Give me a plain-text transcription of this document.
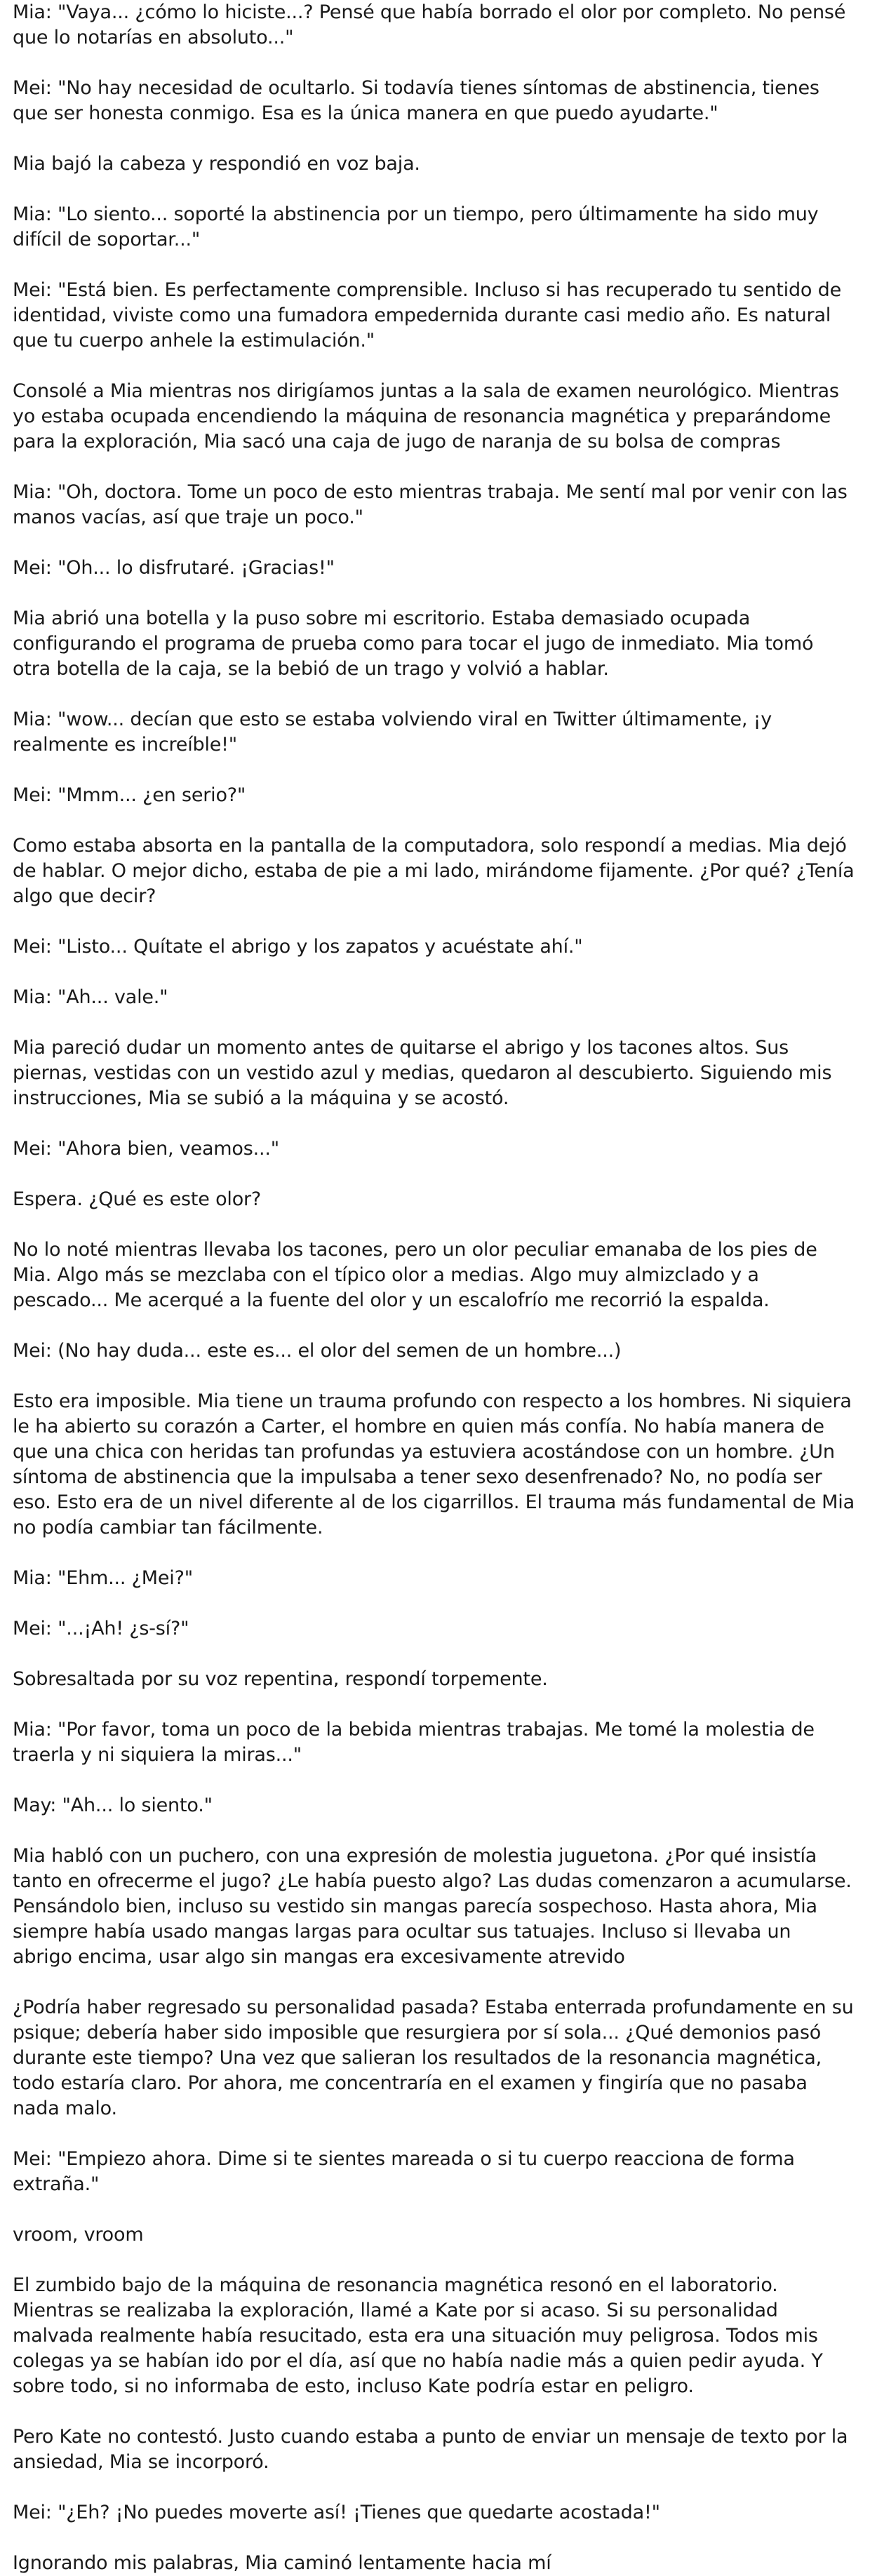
Mia: "Vaya... ¿cómo lo hiciste...? Pensé que había borrado el olor por completo. No pensé que lo notarías en absoluto..."

Mei: "No hay necesidad de ocultarlo. Si todavía tienes síntomas de abstinencia, tienes que ser honesta conmigo. Esa es la única manera en que puedo ayudarte."

Mia bajó la cabeza y respondió en voz baja.

Mia: "Lo siento... soporté la abstinencia por un tiempo, pero últimamente ha sido muy difícil de soportar..."

Mei: "Está bien. Es perfectamente comprensible. Incluso si has recuperado tu sentido de identidad, viviste como una fumadora empedernida durante casi medio año. Es natural que tu cuerpo anhele la estimulación."

Consolé a Mia mientras nos dirigíamos juntas a la sala de examen neurológico. Mientras yo estaba ocupada encendiendo la máquina de resonancia magnética y preparándome para la exploración, Mia sacó una caja de jugo de naranja de su bolsa de compras

Mia: "Oh, doctora. Tome un poco de esto mientras trabaja. Me sentí mal por venir con las manos vacías, así que traje un poco."

Mei: "Oh... lo disfrutaré. ¡Gracias!"

Mia abrió una botella y la puso sobre mi escritorio. Estaba demasiado ocupada configurando el programa de prueba como para tocar el jugo de inmediato. Mia tomó otra botella de la caja, se la bebió de un trago y volvió a hablar.

Mia: "wow... decían que esto se estaba volviendo viral en Twitter últimamente, ¡y realmente es increíble!"

Mei: "Mmm... ¿en serio?"

Como estaba absorta en la pantalla de la computadora, solo respondí a medias. Mia dejó de hablar. O mejor dicho, estaba de pie a mi lado, mirándome fijamente. ¿Por qué? ¿Tenía algo que decir?

Mei: "Listo... Quítate el abrigo y los zapatos y acuéstate ahí."

Mia: "Ah... vale."

Mia pareció dudar un momento antes de quitarse el abrigo y los tacones altos. Sus piernas, vestidas con un vestido azul y medias, quedaron al descubierto. Siguiendo mis instrucciones, Mia se subió a la máquina y se acostó.

Mei: "Ahora bien, veamos..."

Espera. ¿Qué es este olor?

No lo noté mientras llevaba los tacones, pero un olor peculiar emanaba de los pies de Mia. Algo más se mezclaba con el típico olor a medias. Algo muy almizclado y a pescado... Me acerqué a la fuente del olor y un escalofrío me recorrió la espalda.

Mei: (No hay duda... este es... el olor del semen de un hombre...)

Esto era imposible. Mia tiene un trauma profundo con respecto a los hombres. Ni siquiera le ha abierto su corazón a Carter, el hombre en quien más confía. No había manera de que una chica con heridas tan profundas ya estuviera acostándose con un hombre. ¿Un síntoma de abstinencia que la impulsaba a tener sexo desenfrenado? No, no podía ser eso. Esto era de un nivel diferente al de los cigarrillos. El trauma más fundamental de Mia no podía cambiar tan fácilmente.

Mia: "Ehm... ¿Mei?"

Mei: "...¡Ah! ¿s-sí?"

Sobresaltada por su voz repentina, respondí torpemente.

Mia: "Por favor, toma un poco de la bebida mientras trabajas. Me tomé la molestia de traerla y ni siquiera la miras..."

May: "Ah... lo siento."

Mia habló con un puchero, con una expresión de molestia juguetona. ¿Por qué insistía tanto en ofrecerme el jugo? ¿Le había puesto algo? Las dudas comenzaron a acumularse. Pensándolo bien, incluso su vestido sin mangas parecía sospechoso. Hasta ahora, Mia siempre había usado mangas largas para ocultar sus tatuajes. Incluso si llevaba un abrigo encima, usar algo sin mangas era excesivamente atrevido

¿Podría haber regresado su personalidad pasada? Estaba enterrada profundamente en su psique; debería haber sido imposible que resurgiera por sí sola... ¿Qué demonios pasó durante este tiempo? Una vez que salieran los resultados de la resonancia magnética, todo estaría claro. Por ahora, me concentraría en el examen y fingiría que no pasaba nada malo.

Mei: "Empiezo ahora. Dime si te sientes mareada o si tu cuerpo reacciona de forma extraña."

vroom, vroom

El zumbido bajo de la máquina de resonancia magnética resonó en el laboratorio. Mientras se realizaba la exploración, llamé a Kate por si acaso. Si su personalidad malvada realmente había resucitado, esta era una situación muy peligrosa. Todos mis colegas ya se habían ido por el día, así que no había nadie más a quien pedir ayuda. Y sobre todo, si no informaba de esto, incluso Kate podría estar en peligro.

Pero Kate no contestó. Justo cuando estaba a punto de enviar un mensaje de texto por la ansiedad, Mia se incorporó.

Mei: "¿Eh? ¡No puedes moverte así! ¡Tienes que quedarte acostada!"

Ignorando mis palabras, Mia caminó lentamente hacia mí
